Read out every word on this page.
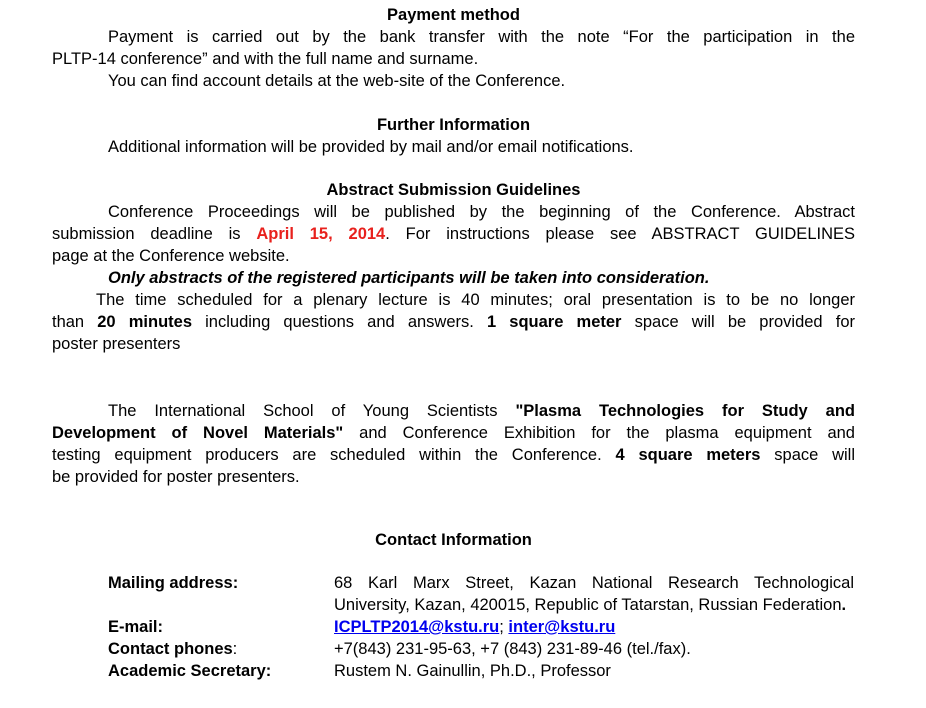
Payment method
Payment is carried out by the bank transfer with the note “For the participation in the
PLTP-14 conference” and with the full name and surname.
You can find account details at the web-site of the Conference.
Further Information
Additional information will be provided by mail and/or email notifications.
Abstract Submission Guidelines
Conference Proceedings will be published by the beginning of the Conference. Abstract
submission deadline is April 15, 2014. For instructions please see ABSTRACT GUIDELINES
page at the Conference website.
Only abstracts of the registered participants will be taken into consideration.
The time scheduled for a plenary lecture is 40 minutes; oral presentation is to be no longer
than 20 minutes including questions and answers. 1 square meter space will be provided for
poster presenters
The International School of Young Scientists "Plasma Technologies for Study and
Development of Novel Materials" and Conference Exhibition for the plasma equipment and
testing equipment producers are scheduled within the Conference. 4 square meters space will
be provided for poster presenters.
Contact Information
Mailing address:	68 Karl Marx Street, Kazan National Research Technological University, Kazan, 420015, Republic of Tatarstan, Russian Federation.
E-mail:	ICPLTP2014@kstu.ru; inter@kstu.ru
Contact phones:	+7(843) 231-95-63, +7 (843) 231-89-46 (tel./fax).
Academic Secretary:	Rustem N. Gainullin, Ph.D., Professor
